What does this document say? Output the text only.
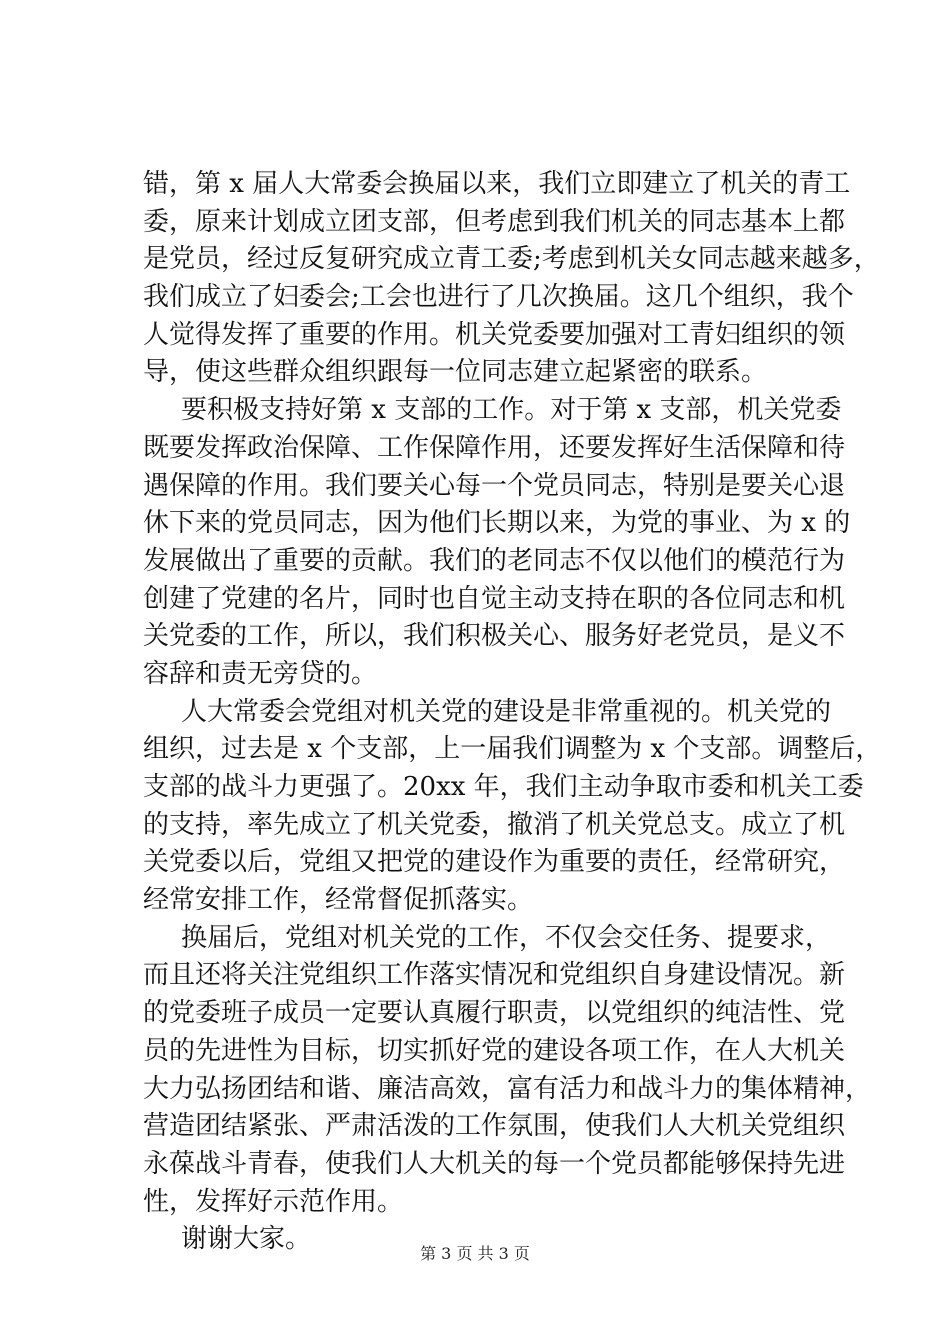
错，第 x 届人大常委会换届以来，我们立即建立了机关的青工
委，原来计划成立团支部，但考虑到我们机关的同志基本上都
是党员，经过反复研究成立青工委;考虑到机关女同志越来越多，
我们成立了妇委会;工会也进行了几次换届。这几个组织，我个
人觉得发挥了重要的作用。机关党委要加强对工青妇组织的领
导，使这些群众组织跟每一位同志建立起紧密的联系。
要积极支持好第 x 支部的工作。对于第 x 支部，机关党委
既要发挥政治保障、工作保障作用，还要发挥好生活保障和待
遇保障的作用。我们要关心每一个党员同志，特别是要关心退
休下来的党员同志，因为他们长期以来，为党的事业、为 x 的
发展做出了重要的贡献。我们的老同志不仅以他们的模范行为
创建了党建的名片，同时也自觉主动支持在职的各位同志和机
关党委的工作，所以，我们积极关心、服务好老党员，是义不
容辞和责无旁贷的。
人大常委会党组对机关党的建设是非常重视的。机关党的
组织，过去是 x 个支部，上一届我们调整为 x 个支部。调整后，
支部的战斗力更强了。20xx 年，我们主动争取市委和机关工委
的支持，率先成立了机关党委，撤消了机关党总支。成立了机
关党委以后，党组又把党的建设作为重要的责任，经常研究，
经常安排工作，经常督促抓落实。
换届后，党组对机关党的工作，不仅会交任务、提要求，
而且还将关注党组织工作落实情况和党组织自身建设情况。新
的党委班子成员一定要认真履行职责，以党组织的纯洁性、党
员的先进性为目标，切实抓好党的建设各项工作，在人大机关
大力弘扬团结和谐、廉洁高效，富有活力和战斗力的集体精神，
营造团结紧张、严肃活泼的工作氛围，使我们人大机关党组织
永葆战斗青春，使我们人大机关的每一个党员都能够保持先进
性，发挥好示范作用。
谢谢大家。	第 3 页 共 3 页
